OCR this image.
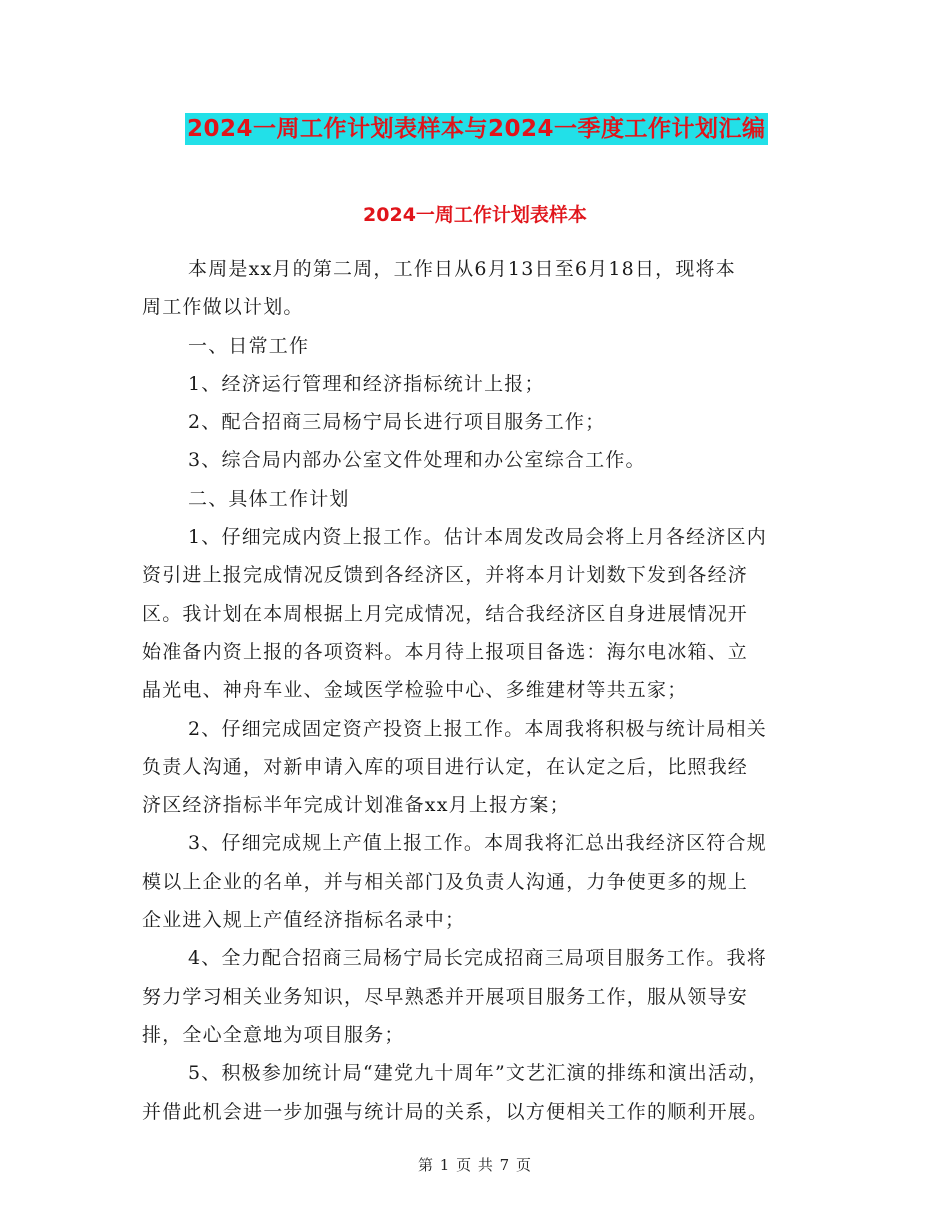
2024一周工作计划表样本与2024一季度工作计划汇编
2024一周工作计划表样本
本周是xx月的第二周，工作日从6月13日至6月18日，现将本
周工作做以计划。
一、日常工作
1、经济运行管理和经济指标统计上报；
2、配合招商三局杨宁局长进行项目服务工作；
3、综合局内部办公室文件处理和办公室综合工作。
二、具体工作计划
1、仔细完成内资上报工作。估计本周发改局会将上月各经济区内
资引进上报完成情况反馈到各经济区，并将本月计划数下发到各经济
区。我计划在本周根据上月完成情况，结合我经济区自身进展情况开
始准备内资上报的各项资料。本月待上报项目备选：海尔电冰箱、立
晶光电、神舟车业、金域医学检验中心、多维建材等共五家；
2、仔细完成固定资产投资上报工作。本周我将积极与统计局相关
负责人沟通，对新申请入库的项目进行认定，在认定之后，比照我经
济区经济指标半年完成计划准备xx月上报方案；
3、仔细完成规上产值上报工作。本周我将汇总出我经济区符合规
模以上企业的名单，并与相关部门及负责人沟通，力争使更多的规上
企业进入规上产值经济指标名录中；
4、全力配合招商三局杨宁局长完成招商三局项目服务工作。我将
努力学习相关业务知识，尽早熟悉并开展项目服务工作，服从领导安
排，全心全意地为项目服务；
5、积极参加统计局“建党九十周年”文艺汇演的排练和演出活动，
并借此机会进一步加强与统计局的关系，以方便相关工作的顺利开展。
第 1 页 共 7 页
